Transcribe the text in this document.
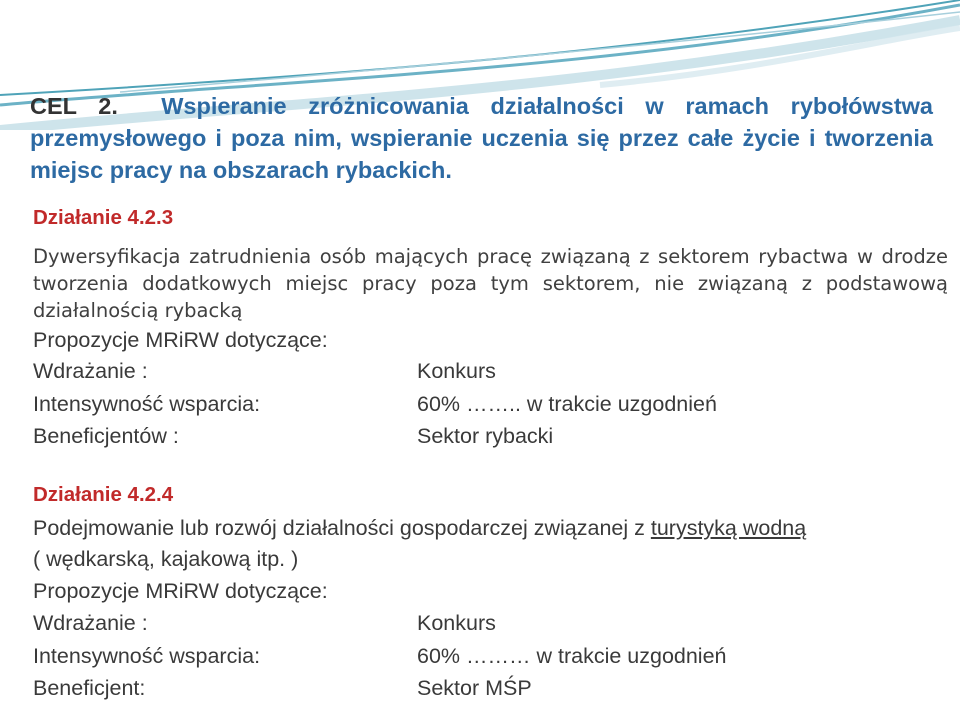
CEL 2. Wspieranie zróżnicowania działalności w ramach rybołówstwa przemysłowego i poza nim, wspieranie uczenia się przez całe życie i tworzenia miejsc pracy na obszarach rybackich.
Działanie 4.2.3
Dywersyfikacja zatrudnienia osób mających pracę związaną z sektorem rybactwa w drodze tworzenia dodatkowych miejsc pracy poza tym sektorem, nie związaną z podstawową działalnością rybacką
Propozycje MRiRW dotyczące:
Wdrażanie :	Konkurs
Intensywność wsparcia:	60% …….. w trakcie uzgodnień
Beneficjentów :	Sektor rybacki
Działanie 4.2.4
Podejmowanie lub rozwój działalności gospodarczej związanej z turystyką wodną
( wędkarską, kajakową itp. )
Propozycje MRiRW dotyczące:
Wdrażanie :	Konkurs
Intensywność wsparcia:	60% ……… w trakcie uzgodnień
Beneficjent:	Sektor MŚP
